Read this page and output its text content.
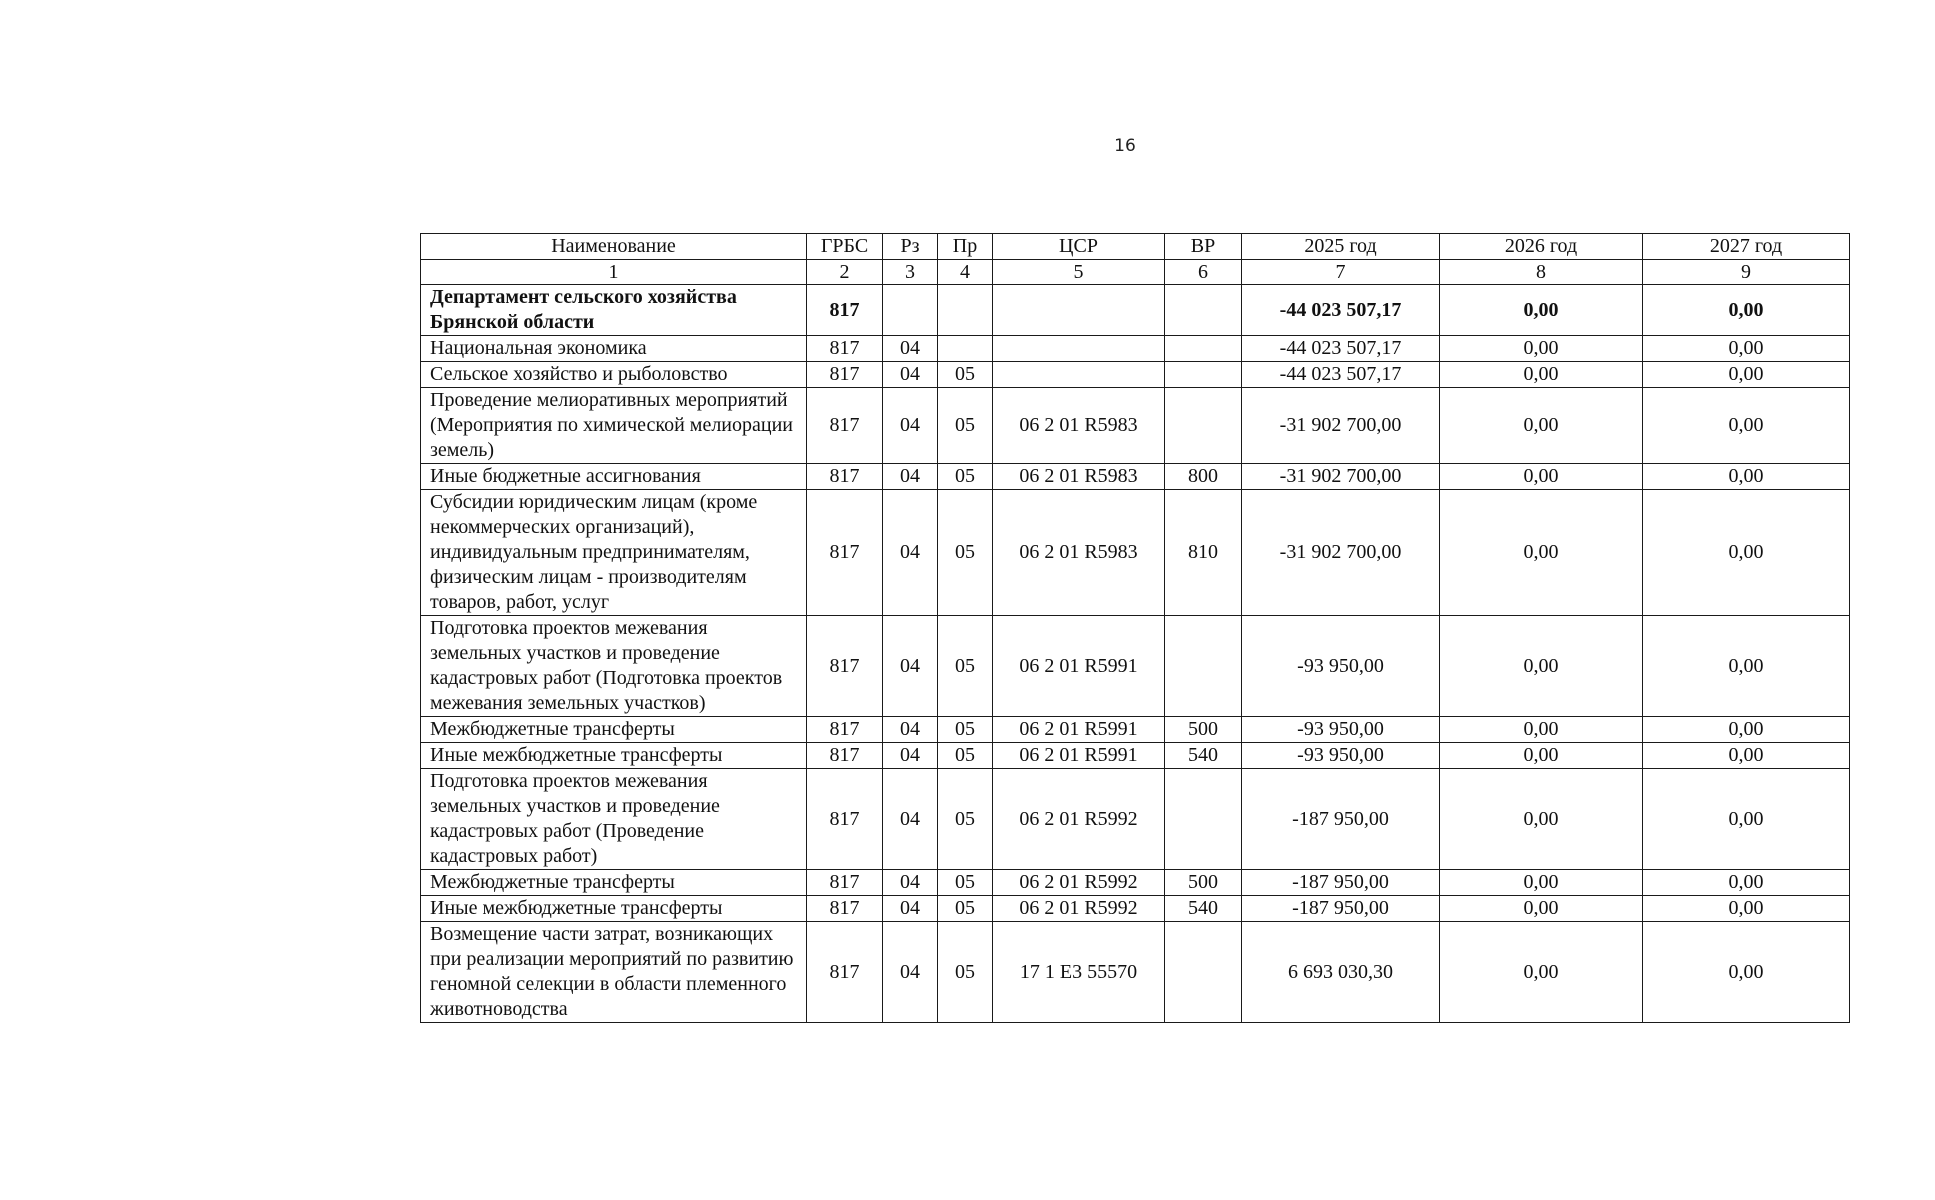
16
Наименование	ГРБС	Рз	Пр	ЦСР	ВР	2025 год	2026 год	2027 год
1	2	3	4	5	6	7	8	9
Департамент сельского хозяйства Брянской области	817					-44 023 507,17	0,00	0,00
Национальная экономика	817	04				-44 023 507,17	0,00	0,00
Сельское хозяйство и рыболовство	817	04	05			-44 023 507,17	0,00	0,00
Проведение мелиоративных мероприятий (Мероприятия по химической мелиорации земель)	817	04	05	06 2 01 R5983		-31 902 700,00	0,00	0,00
Иные бюджетные ассигнования	817	04	05	06 2 01 R5983	800	-31 902 700,00	0,00	0,00
Субсидии юридическим лицам (кроме некоммерческих организаций), индивидуальным предпринимателям, физическим лицам - производителям товаров, работ, услуг	817	04	05	06 2 01 R5983	810	-31 902 700,00	0,00	0,00
Подготовка проектов межевания земельных участков и проведение кадастровых работ (Подготовка проектов межевания земельных участков)	817	04	05	06 2 01 R5991		-93 950,00	0,00	0,00
Межбюджетные трансферты	817	04	05	06 2 01 R5991	500	-93 950,00	0,00	0,00
Иные межбюджетные трансферты	817	04	05	06 2 01 R5991	540	-93 950,00	0,00	0,00
Подготовка проектов межевания земельных участков и проведение кадастровых работ (Проведение кадастровых работ)	817	04	05	06 2 01 R5992		-187 950,00	0,00	0,00
Межбюджетные трансферты	817	04	05	06 2 01 R5992	500	-187 950,00	0,00	0,00
Иные межбюджетные трансферты	817	04	05	06 2 01 R5992	540	-187 950,00	0,00	0,00
Возмещение части затрат, возникающих при реализации мероприятий по развитию геномной селекции в области племенного животноводства	817	04	05	17 1 E3 55570		6 693 030,30	0,00	0,00
